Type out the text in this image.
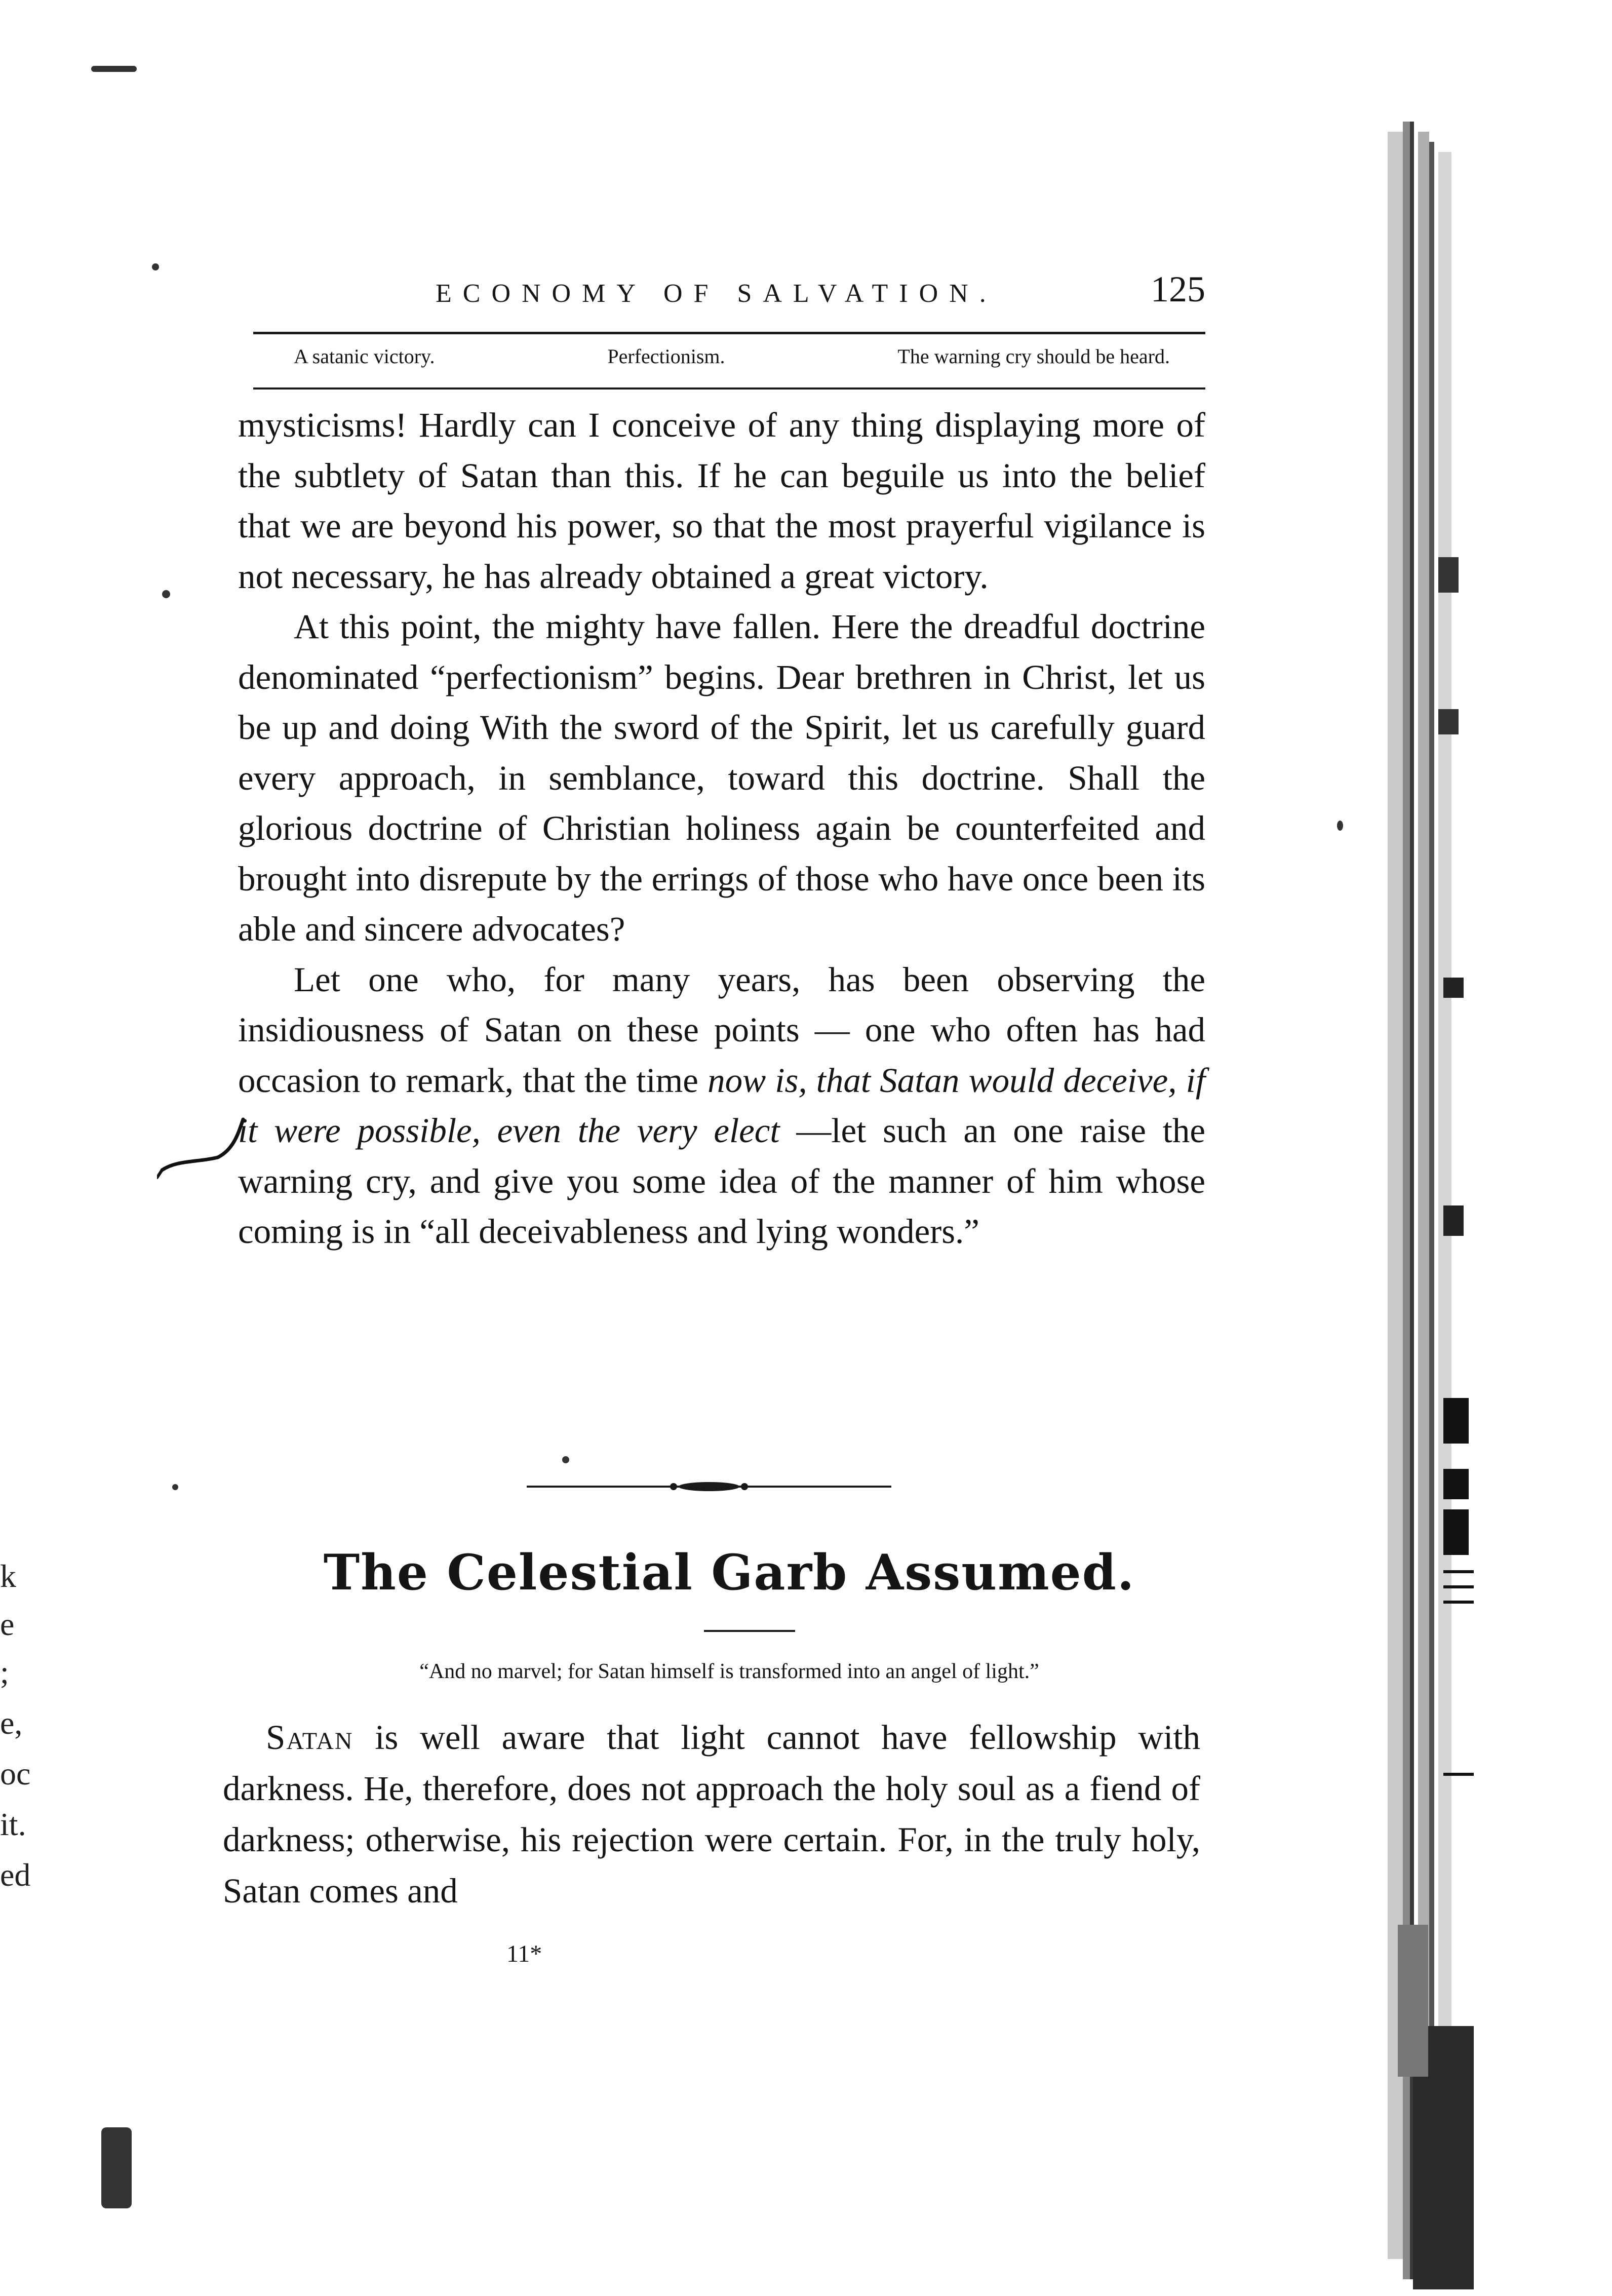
k
e
;
e,
oc
it.
ed
ECONOMY OF SALVATION.	125
A satanic victory.	Perfectionism.	The warning cry should be heard.

mysticisms! Hardly can I conceive of any thing displaying more of the subtlety of Satan than this. If he can beguile us into the belief that we are beyond his power, so that the most prayerful vigilance is not necessary, he has already obtained a great victory.

At this point, the mighty have fallen. Here the dreadful doctrine denominated “perfectionism” begins. Dear brethren in Christ, let us be up and doing With the sword of the Spirit, let us carefully guard every approach, in semblance, toward this doctrine. Shall the glorious doctrine of Christian holiness again be counterfeited and brought into disrepute by the errings of those who have once been its able and sincere advocates?

Let one who, for many years, has been observing the insidiousness of Satan on these points — one who often has had occasion to remark, that the time now is, that Satan would deceive, if it were possible, even the very elect —let such an one raise the warning cry, and give you some idea of the manner of him whose coming is in “all deceivableness and lying wonders.”

The Celestial Garb Assumed.
“And no marvel; for Satan himself is transformed into an angel of light.”

Satan is well aware that light cannot have fellowship with darkness. He, therefore, does not approach the holy soul as a fiend of darkness; otherwise, his rejection were certain. For, in the truly holy, Satan comes and

11*
